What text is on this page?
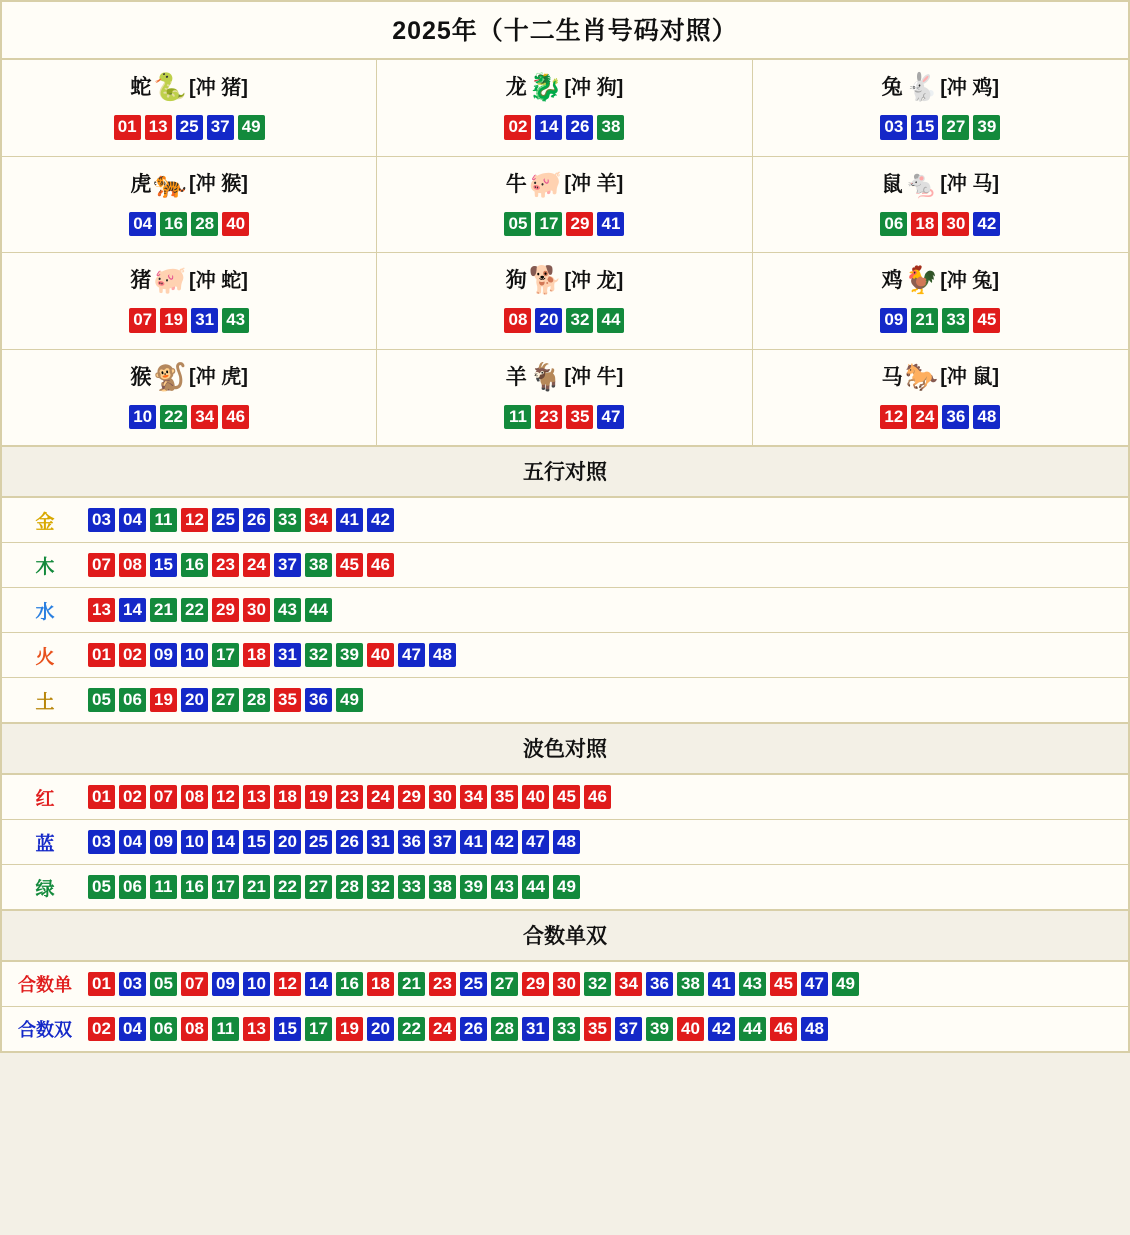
2025年（十二生肖号码对照）
蛇 🐍 [冲 猪]
01 13 25 37 49
龙 🐉 [冲 狗]
02 14 26 38
兔 🐇 [冲 鸡]
03 15 27 39
虎 🐅 [冲 猴]
04 16 28 40
牛 🐖 [冲 羊]
05 17 29 41
鼠 🐁 [冲 马]
06 18 30 42
猪 🐖 [冲 蛇]
07 19 31 43
狗 🐕 [冲 龙]
08 20 32 44
鸡 🐓 [冲 兔]
09 21 33 45
猴 🐒 [冲 虎]
10 22 34 46
羊 🐐 [冲 牛]
11 23 35 47
马 🐎 [冲 鼠]
12 24 36 48
五行对照
金	03 04 11 12 25 26 33 34 41 42
木	07 08 15 16 23 24 37 38 45 46
水	13 14 21 22 29 30 43 44
火	01 02 09 10 17 18 31 32 39 40 47 48
土	05 06 19 20 27 28 35 36 49
波色对照
红	01 02 07 08 12 13 18 19 23 24 29 30 34 35 40 45 46
蓝	03 04 09 10 14 15 20 25 26 31 36 37 41 42 47 48
绿	05 06 11 16 17 21 22 27 28 32 33 38 39 43 44 49
合数单双
合数单	01 03 05 07 09 10 12 14 16 18 21 23 25 27 29 30 32 34 36 38 41 43 45 47 49
合数双	02 04 06 08 11 13 15 17 19 20 22 24 26 28 31 33 35 37 39 40 42 44 46 48
